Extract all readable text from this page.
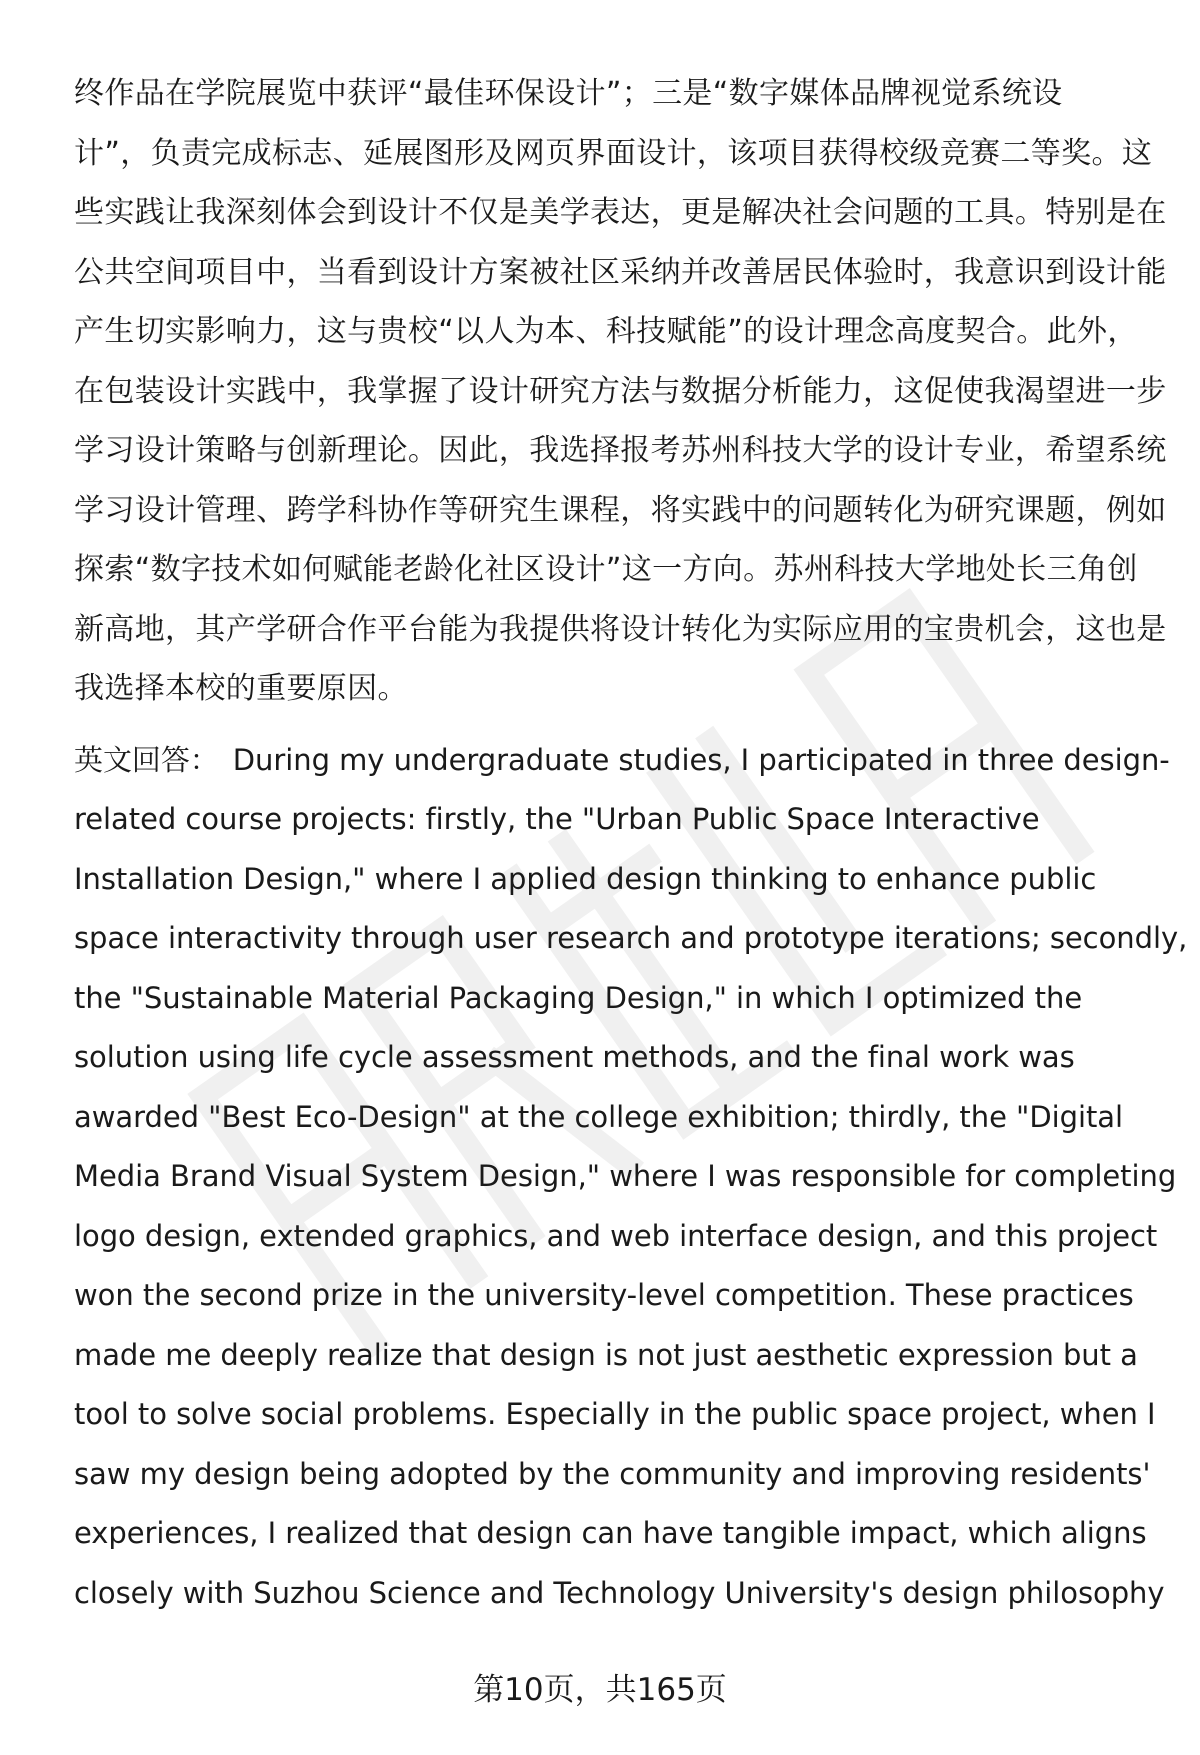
终作品在学院展览中获评“最佳环保设计”；三是“数字媒体品牌视觉系统设
计”，负责完成标志、延展图形及网页界面设计，该项目获得校级竞赛二等奖。这
些实践让我深刻体会到设计不仅是美学表达，更是解决社会问题的工具。特别是在
公共空间项目中，当看到设计方案被社区采纳并改善居民体验时，我意识到设计能
产生切实影响力，这与贵校“以人为本、科技赋能”的设计理念高度契合。此外，
在包装设计实践中，我掌握了设计研究方法与数据分析能力，这促使我渴望进一步
学习设计策略与创新理论。因此，我选择报考苏州科技大学的设计专业，希望系统
学习设计管理、跨学科协作等研究生课程，将实践中的问题转化为研究课题，例如
探索“数字技术如何赋能老龄化社区设计”这一方向。苏州科技大学地处长三角创
新高地，其产学研合作平台能为我提供将设计转化为实际应用的宝贵机会，这也是
我选择本校的重要原因。
英文回答： During my undergraduate studies, I participated in three design-
related course projects: firstly, the "Urban Public Space Interactive
Installation Design," where I applied design thinking to enhance public
space interactivity through user research and prototype iterations; secondly,
the "Sustainable Material Packaging Design," in which I optimized the
solution using life cycle assessment methods, and the final work was
awarded "Best Eco-Design" at the college exhibition; thirdly, the "Digital
Media Brand Visual System Design," where I was responsible for completing
logo design, extended graphics, and web interface design, and this project
won the second prize in the university-level competition. These practices
made me deeply realize that design is not just aesthetic expression but a
tool to solve social problems. Especially in the public space project, when I
saw my design being adopted by the community and improving residents'
experiences, I realized that design can have tangible impact, which aligns
closely with Suzhou Science and Technology University's design philosophy
第10页，共165页
